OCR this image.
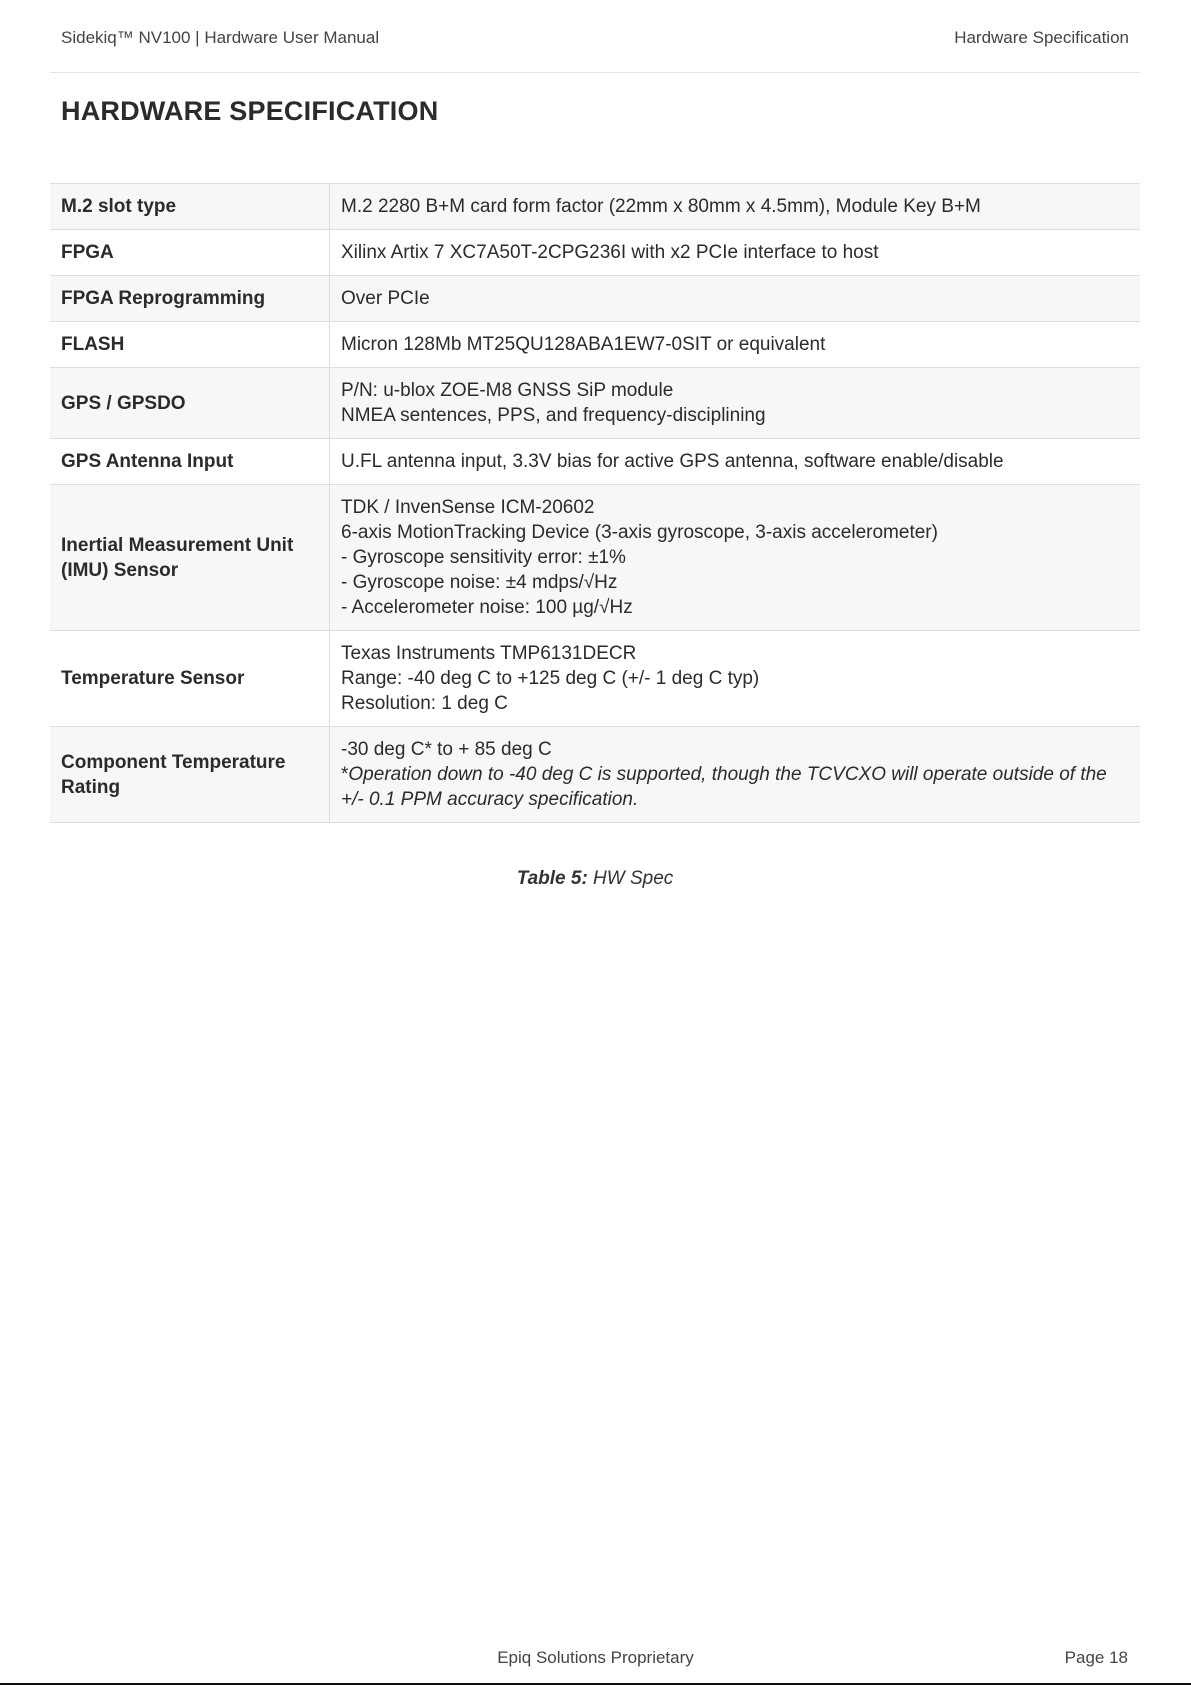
Sidekiq™ NV100 | Hardware User Manual	Hardware Specification
HARDWARE SPECIFICATION
M.2 slot type	M.2 2280 B+M card form factor (22mm x 80mm x 4.5mm), Module Key B+M

FPGA	Xilinx Artix 7 XC7A50T-2CPG236I with x2 PCIe interface to host

FPGA Reprogramming	Over PCIe

FLASH	Micron 128Mb MT25QU128ABA1EW7-0SIT or equivalent

GPS / GPSDO	P/N: u-blox ZOE-M8 GNSS SiP module
NMEA sentences, PPS, and frequency-disciplining

GPS Antenna Input	U.FL antenna input, 3.3V bias for active GPS antenna, software enable/disable

Inertial Measurement Unit (IMU) Sensor	TDK / InvenSense ICM-20602
6-axis MotionTracking Device (3-axis gyroscope, 3-axis accelerometer)
- Gyroscope sensitivity error: ±1%
- Gyroscope noise: ±4 mdps/√Hz
- Accelerometer noise: 100 µg/√Hz

Temperature Sensor	Texas Instruments TMP6131DECR
Range: -40 deg C to +125 deg C (+/- 1 deg C typ)
Resolution: 1 deg C

Component Temperature Rating	-30 deg C* to + 85 deg C
*Operation down to -40 deg C is supported, though the TCVCXO will operate outside of the +/- 0.1 PPM accuracy specification.
Table 5: HW Spec
Epiq Solutions Proprietary	Page 18
